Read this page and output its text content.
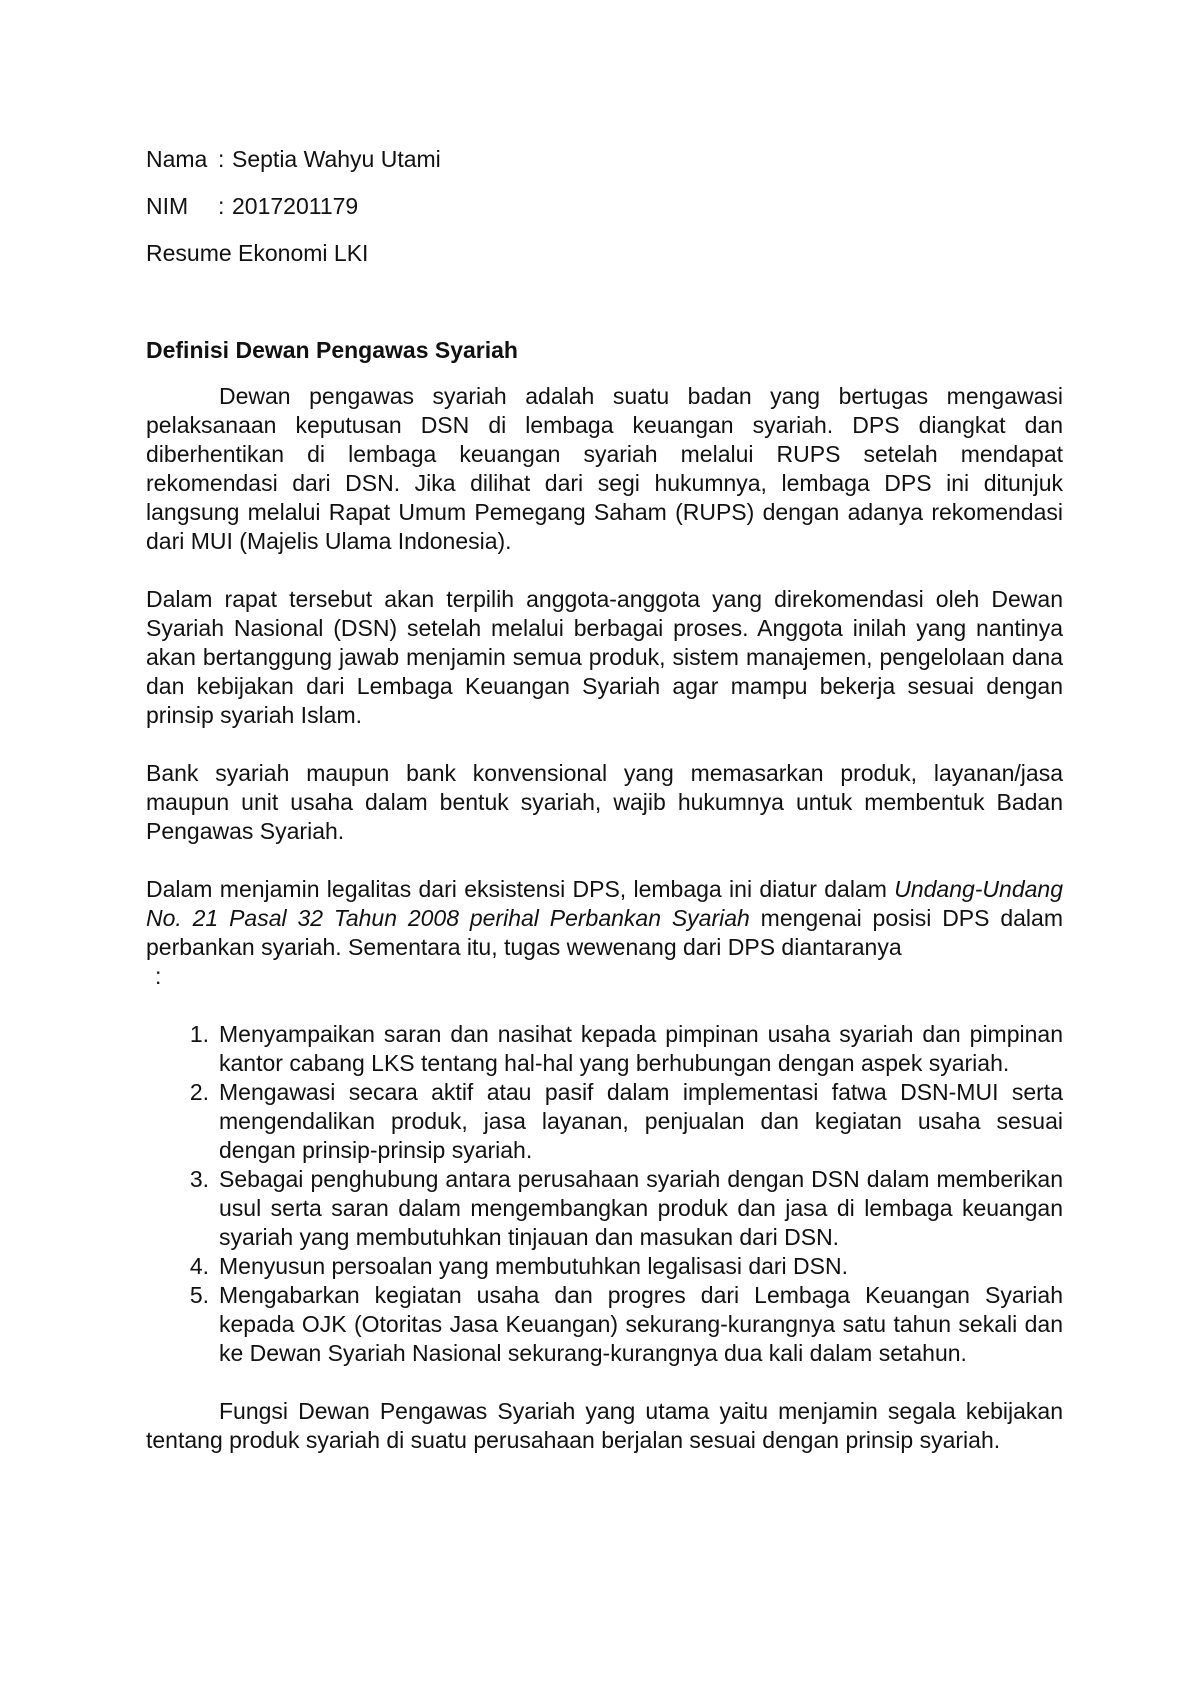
Nama : Septia Wahyu Utami
NIM	: 2017201179
Resume Ekonomi LKI
Definisi Dewan Pengawas Syariah

Dewan pengawas syariah adalah suatu badan yang bertugas mengawasi pelaksanaan keputusan DSN di lembaga keuangan syariah. DPS diangkat dan diberhentikan di lembaga keuangan syariah melalui RUPS setelah mendapat rekomendasi dari DSN. Jika dilihat dari segi hukumnya, lembaga DPS ini ditunjuk langsung melalui Rapat Umum Pemegang Saham (RUPS) dengan adanya rekomendasi dari MUI (Majelis Ulama Indonesia).

Dalam rapat tersebut akan terpilih anggota-anggota yang direkomendasi oleh Dewan Syariah Nasional (DSN) setelah melalui berbagai proses. Anggota inilah yang nantinya akan bertanggung jawab menjamin semua produk, sistem manajemen, pengelolaan dana dan kebijakan dari Lembaga Keuangan Syariah agar mampu bekerja sesuai dengan prinsip syariah Islam.

Bank syariah maupun bank konvensional yang memasarkan produk, layanan/jasa maupun unit usaha dalam bentuk syariah, wajib hukumnya untuk membentuk Badan Pengawas Syariah.

Dalam menjamin legalitas dari eksistensi DPS, lembaga ini diatur dalam Undang-Undang No. 21 Pasal 32 Tahun 2008 perihal Perbankan Syariah mengenai posisi DPS dalam perbankan syariah. Sementara itu, tugas wewenang dari DPS diantaranya

:
1. Menyampaikan saran dan nasihat kepada pimpinan usaha syariah dan pimpinan kantor cabang LKS tentang hal-hal yang berhubungan dengan aspek syariah.
2. Mengawasi secara aktif atau pasif dalam implementasi fatwa DSN-MUI serta mengendalikan produk, jasa layanan, penjualan dan kegiatan usaha sesuai dengan prinsip-prinsip syariah.
3. Sebagai penghubung antara perusahaan syariah dengan DSN dalam memberikan usul serta saran dalam mengembangkan produk dan jasa di lembaga keuangan syariah yang membutuhkan tinjauan dan masukan dari DSN.
4. Menyusun persoalan yang membutuhkan legalisasi dari DSN.
5. Mengabarkan kegiatan usaha dan progres dari Lembaga Keuangan Syariah kepada OJK (Otoritas Jasa Keuangan) sekurang-kurangnya satu tahun sekali dan ke Dewan Syariah Nasional sekurang-kurangnya dua kali dalam setahun.

Fungsi Dewan Pengawas Syariah yang utama yaitu menjamin segala kebijakan tentang produk syariah di suatu perusahaan berjalan sesuai dengan prinsip syariah.
